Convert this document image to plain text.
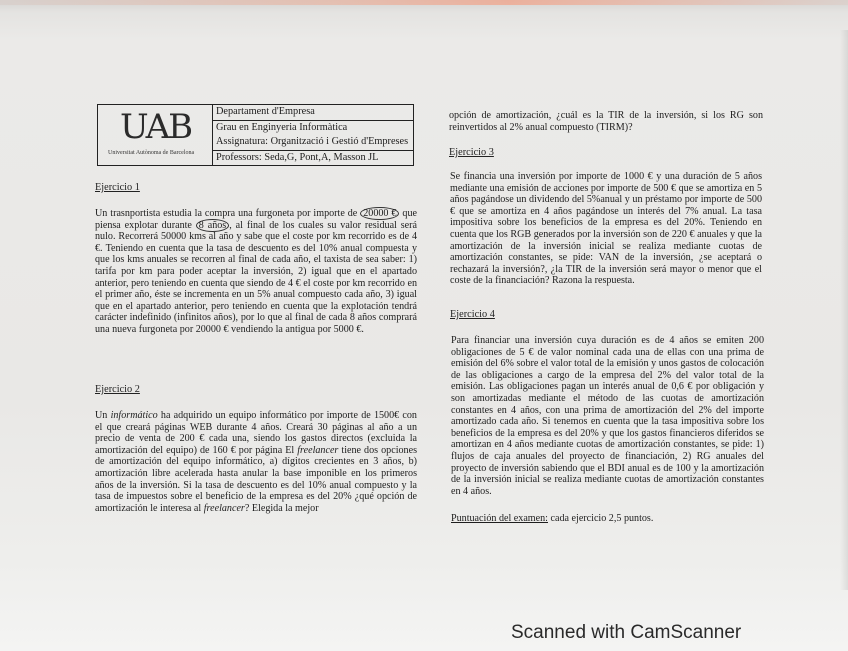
UAB
Universitat Autònoma de Barcelona
Departament d'Empresa
Grau en Enginyeria Informàtica
Assignatura: Organització i Gestió d'Empreses
Professors: Seda,G, Pont,A, Masson JL
Ejercicio 1
Un trasnportista estudia la compra una furgoneta por importe de 20000 € que piensa explotar durante 8 años , al final de los cuales su valor residual será nulo. Recorrerá 50000 kms al año y sabe que el coste por km recorrido es de 4 €. Teniendo en cuenta que la tasa de descuento es del 10% anual compuesta y que los kms anuales se recorren al final de cada año, el taxista de sea saber: 1) tarifa por km para poder aceptar la inversión, 2) igual que en el apartado anterior, pero teniendo en cuenta que siendo de 4 € el coste por km recorrido en el primer año, éste se incrementa en un 5% anual compuesto cada año, 3) igual que en el apartado anterior, pero teniendo en cuenta que la explotación tendrá carácter indefinido (infinitos años), por lo que al final de cada 8 años comprará una nueva furgoneta por 20000 € vendiendo la antigua por 5000 €.
Ejercicio 2
Un informático ha adquirido un equipo informático por importe de 1500€ con el que creará páginas WEB durante 4 años. Creará 30 páginas al año a un precio de venta de 200 € cada una, siendo los gastos directos (excluida la amortización del equipo) de 160 € por página El freelancer tiene dos opciones de amortización del equipo informático, a) dígitos crecientes en 3 años, b) amortización libre acelerada hasta anular la base imponible en los primeros años de la inversión. Si la tasa de descuento es del 10% anual compuesto y la tasa de impuestos sobre el beneficio de la empresa es del 20% ¿qué opción de amortización le interesa al freelancer? Elegida la mejor
opción de amortización, ¿cuál es la TIR de la inversión, si los RG son reinvertidos al 2% anual compuesto (TIRM)?
Ejercicio 3
Se financia una inversión por importe de 1000 € y una duración de 5 años mediante una emisión de acciones por importe de 500 € que se amortiza en 5 años pagándose un dividendo del 5%anual y un préstamo por importe de 500 € que se amortiza en 4 años pagándose un interés del 7% anual. La tasa impositiva sobre los beneficios de la empresa es del 20%. Teniendo en cuenta que los RGB generados por la inversión son de 220 € anuales y que la amortización de la inversión inicial se realiza mediante cuotas de amortización constantes, se pide: VAN de la inversión, ¿se aceptará o rechazará la inversión?, ¿la TIR de la inversión será mayor o menor que el coste de la financiación? Razona la respuesta.
Ejercicio 4
Para financiar una inversión cuya duración es de 4 años se emiten 200 obligaciones de 5 € de valor nominal cada una de ellas con una prima de emisión del 6% sobre el valor total de la emisión y unos gastos de colocación de las obligaciones a cargo de la empresa del 2% del valor total de la emisión. Las obligaciones pagan un interés anual de 0,6 € por obligación y son amortizadas mediante el método de las cuotas de amortización constantes en 4 años, con una prima de amortización del 2% del importe amortizado cada año. Si tenemos en cuenta que la tasa impositiva sobre los beneficios de la empresa es del 20% y que los gastos financieros diferidos se amortizan en 4 años mediante cuotas de amortización constantes, se pide: 1) flujos de caja anuales del proyecto de financiación, 2) RG anuales del proyecto de inversión sabiendo que el BDI anual es de 100 y la amortización de la inversión inicial se realiza mediante cuotas de amortización constantes en 4 años.
Puntuación del examen: cada ejercicio 2,5 puntos.
Scanned with CamScanner
